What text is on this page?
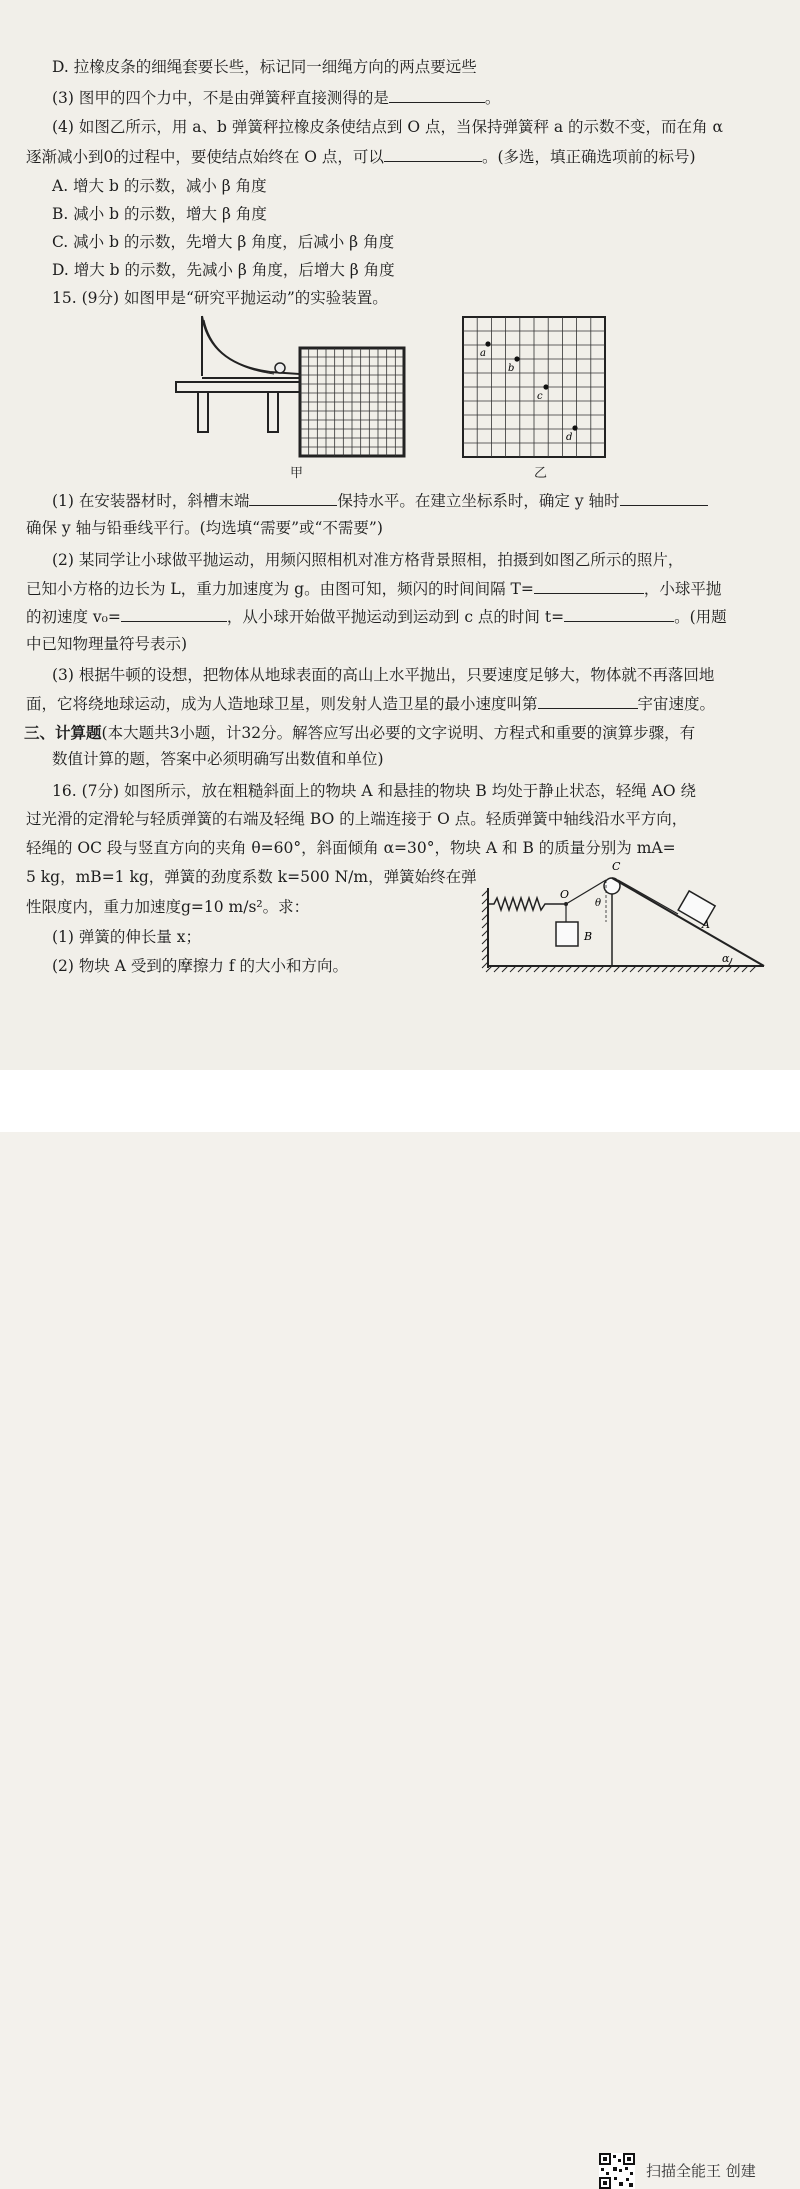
D. 拉橡皮条的细绳套要长些，标记同一细绳方向的两点要远些
(3) 图甲的四个力中，不是由弹簧秤直接测得的是	。
(4) 如图乙所示，用 a、b 弹簧秤拉橡皮条使结点到 O 点，当保持弹簧秤 a 的示数不变，而在角 α
逐渐减小到0的过程中，要使结点始终在 O 点，可以	。(多选，填正确选项前的标号)
A. 增大 b 的示数，减小 β 角度
B. 减小 b 的示数，增大 β 角度
C. 减小 b 的示数，先增大 β 角度，后减小 β 角度
D. 增大 b 的示数，先减小 β 角度，后增大 β 角度
15. (9分) 如图甲是“研究平抛运动”的实验装置。
甲
a
b
c
d
乙
(1) 在安装器材时，斜槽末端	保持水平。在建立坐标系时，确定 y 轴时
确保 y 轴与铅垂线平行。(均选填“需要”或“不需要”)
(2) 某同学让小球做平抛运动，用频闪照相机对准方格背景照相，拍摄到如图乙所示的照片，
已知小方格的边长为 L，重力加速度为 g。由图可知，频闪的时间间隔 T=	，小球平抛
的初速度 v₀=	，从小球开始做平抛运动到运动到 c 点的时间 t=	。(用题
中已知物理量符号表示)
(3) 根据牛顿的设想，把物体从地球表面的高山上水平抛出，只要速度足够大，物体就不再落回地
面，它将绕地球运动，成为人造地球卫星，则发射人造卫星的最小速度叫第	宇宙速度。
三、计算题(本大题共3小题，计32分。解答应写出必要的文字说明、方程式和重要的演算步骤，有
数值计算的题，答案中必须明确写出数值和单位)
16. (7分) 如图所示，放在粗糙斜面上的物块 A 和悬挂的物块 B 均处于静止状态，轻绳 AO 绕
过光滑的定滑轮与轻质弹簧的右端及轻绳 BO 的上端连接于 O 点。轻质弹簧中轴线沿水平方向，
轻绳的 OC 段与竖直方向的夹角 θ=60°，斜面倾角 α=30°，物块 A 和 B 的质量分别为 mA=
5 kg，mB=1 kg，弹簧的劲度系数 k=500 N/m，弹簧始终在弹
性限度内，重力加速度g=10 m/s²。求：
(1) 弹簧的伸长量 x；
(2) 物块 A 受到的摩擦力 f 的大小和方向。
C
O
θ
A
B
α
扫描全能王 创建
